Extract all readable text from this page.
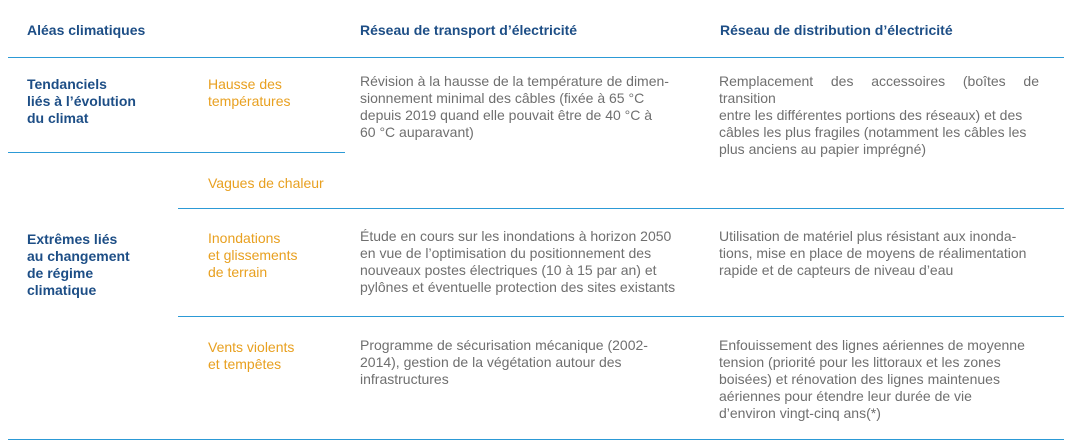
Aléas climatiques	Réseau de transport d’électricité	Réseau de distribution d’électricité
Tendanciels
liés à l’évolution
du climat
Extrêmes liés
au changement
de régime
climatique
Hausse des
températures
Révision à la hausse de la température de dimen-
sionnement minimal des câbles (fixée à 65 °C
depuis 2019 quand elle pouvait être de 40 °C à
60 °C auparavant)
Remplacement des accessoires (boîtes de transition
entre les différentes portions des réseaux) et des
câbles les plus fragiles (notamment les câbles les
plus anciens au papier imprégné)
Vagues de chaleur
Inondations
et glissements
de terrain
Étude en cours sur les inondations à horizon 2050
en vue de l’optimisation du positionnement des
nouveaux postes électriques (10 à 15 par an) et
pylônes et éventuelle protection des sites existants
Utilisation de matériel plus résistant aux inonda-
tions, mise en place de moyens de réalimentation
rapide et de capteurs de niveau d’eau
Vents violents
et tempêtes
Programme de sécurisation mécanique (2002-
2014), gestion de la végétation autour des
infrastructures
Enfouissement des lignes aériennes de moyenne
tension (priorité pour les littoraux et les zones
boisées) et rénovation des lignes maintenues
aériennes pour étendre leur durée de vie
d’environ vingt-cinq ans(*)
